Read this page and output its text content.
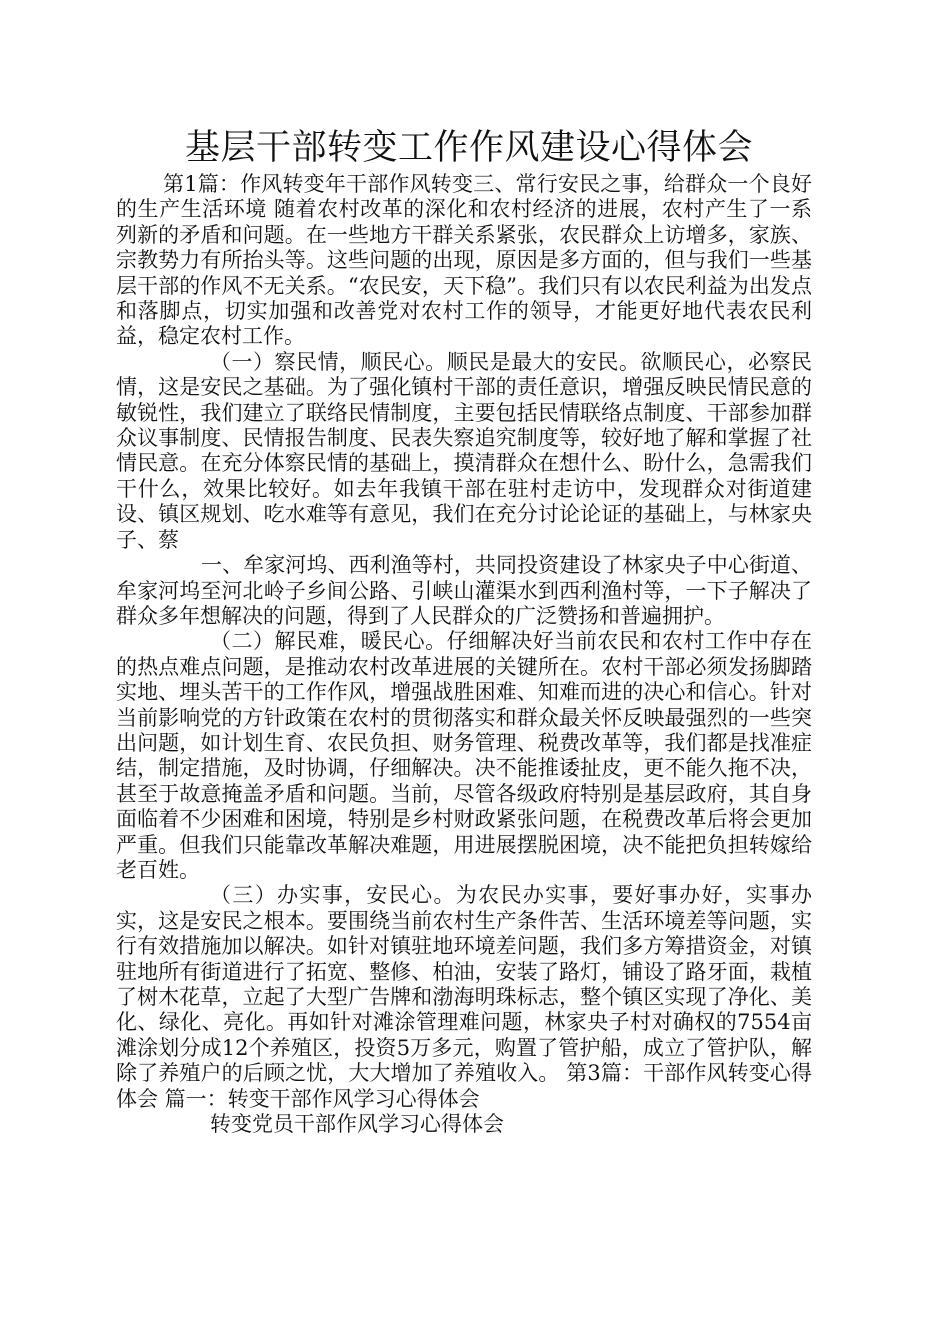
基层干部转变工作作风建设心得体会

第1篇：作风转变年干部作风转变三、常行安民之事，给群众一个良好的生产生活环境 随着农村改革的深化和农村经济的进展，农村产生了一系列新的矛盾和问题。在一些地方干群关系紧张，农民群众上访增多，家族、宗教势力有所抬头等。这些问题的出现，原因是多方面的，但与我们一些基层干部的作风不无关系。“农民安，天下稳”。我们只有以农民利益为出发点和落脚点，切实加强和改善党对农村工作的领导，才能更好地代表农民利益，稳定农村工作。

（一）察民情，顺民心。顺民是最大的安民。欲顺民心，必察民情，这是安民之基础。为了强化镇村干部的责任意识，增强反映民情民意的敏锐性，我们建立了联络民情制度，主要包括民情联络点制度、干部参加群众议事制度、民情报告制度、民表失察追究制度等，较好地了解和掌握了社情民意。在充分体察民情的基础上，摸清群众在想什么、盼什么，急需我们干什么，效果比较好。如去年我镇干部在驻村走访中，发现群众对街道建设、镇区规划、吃水难等有意见，我们在充分讨论论证的基础上，与林家央子、蔡

一、牟家河坞、西利渔等村，共同投资建设了林家央子中心街道、牟家河坞至河北岭子乡间公路、引峡山灌渠水到西利渔村等，一下子解决了群众多年想解决的问题，得到了人民群众的广泛赞扬和普遍拥护。

（二）解民难，暖民心。仔细解决好当前农民和农村工作中存在的热点难点问题，是推动农村改革进展的关键所在。农村干部必须发扬脚踏实地、埋头苦干的工作作风，增强战胜困难、知难而进的决心和信心。针对当前影响党的方针政策在农村的贯彻落实和群众最关怀反映最强烈的一些突出问题，如计划生育、农民负担、财务管理、税费改革等，我们都是找准症结，制定措施，及时协调，仔细解决。决不能推诿扯皮，更不能久拖不决，甚至于故意掩盖矛盾和问题。当前，尽管各级政府特别是基层政府，其自身面临着不少困难和困境，特别是乡村财政紧张问题，在税费改革后将会更加严重。但我们只能靠改革解决难题，用进展摆脱困境，决不能把负担转嫁给老百姓。

（三）办实事，安民心。为农民办实事，要好事办好，实事办实，这是安民之根本。要围绕当前农村生产条件苦、生活环境差等问题，实行有效措施加以解决。如针对镇驻地环境差问题，我们多方筹措资金，对镇驻地所有街道进行了拓宽、整修、柏油，安装了路灯，铺设了路牙面，栽植了树木花草，立起了大型广告牌和渤海明珠标志，整个镇区实现了净化、美化、绿化、亮化。再如针对滩涂管理难问题，林家央子村对确权的7554亩滩涂划分成12个养殖区，投资5万多元，购置了管护船，成立了管护队，解除了养殖户的后顾之忧，大大增加了养殖收入。 第3篇：干部作风转变心得体会 篇一：转变干部作风学习心得体会

转变党员干部作风学习心得体会
